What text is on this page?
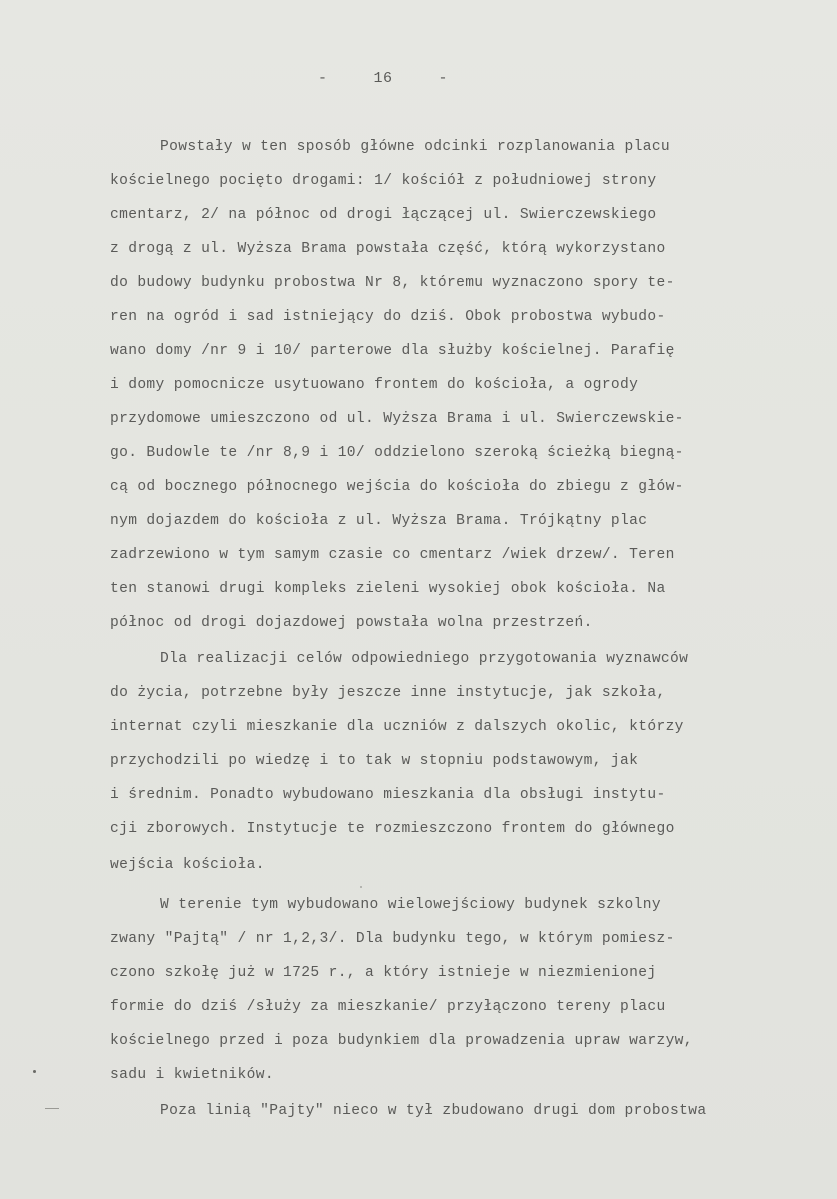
-	16	-
Powstały w ten sposób główne odcinki rozplanowania placu
kościelnego pocięto drogami: 1/ kościół z południowej strony
cmentarz, 2/ na północ od drogi łączącej ul. Swierczewskiego
z drogą z ul. Wyższa Brama powstała część, którą wykorzystano
do budowy budynku probostwa Nr 8, któremu wyznaczono spory te-
ren na ogród i sad istniejący do dziś. Obok probostwa wybudo-
wano domy /nr 9 i 10/ parterowe dla służby kościelnej. Parafię
i domy pomocnicze usytuowano frontem do kościoła, a ogrody
przydomowe umieszczono od ul. Wyższa Brama i ul. Swierczewskie-
go. Budowle te /nr 8,9 i 10/ oddzielono szeroką ścieżką biegną-
cą od bocznego północnego wejścia do kościoła do zbiegu z głów-
nym dojazdem do kościoła z ul. Wyższa Brama. Trójkątny plac
zadrzewiono w tym samym czasie co cmentarz /wiek drzew/. Teren
ten stanowi drugi kompleks zieleni wysokiej obok kościoła. Na
północ od drogi dojazdowej powstała wolna przestrzeń.
Dla realizacji celów odpowiedniego przygotowania wyznawców
do życia, potrzebne były jeszcze inne instytucje, jak szkoła,
internat czyli mieszkanie dla uczniów z dalszych okolic, którzy
przychodzili po wiedzę i to tak w stopniu podstawowym, jak
i średnim. Ponadto wybudowano mieszkania dla obsługi instytu-
cji zborowych. Instytucje te rozmieszczono frontem do głównego
wejścia kościoła.
W terenie tym wybudowano wielowejściowy budynek szkolny
zwany "Pajtą" / nr 1,2,3/. Dla budynku tego, w którym pomiesz-
czono szkołę już w 1725 r., a który istnieje w niezmienionej
formie do dziś /służy za mieszkanie/ przyłączono tereny placu
kościelnego przed i poza budynkiem dla prowadzenia upraw warzyw,
sadu i kwietników.
Poza linią "Pajty" nieco w tył zbudowano drugi dom probostwa
